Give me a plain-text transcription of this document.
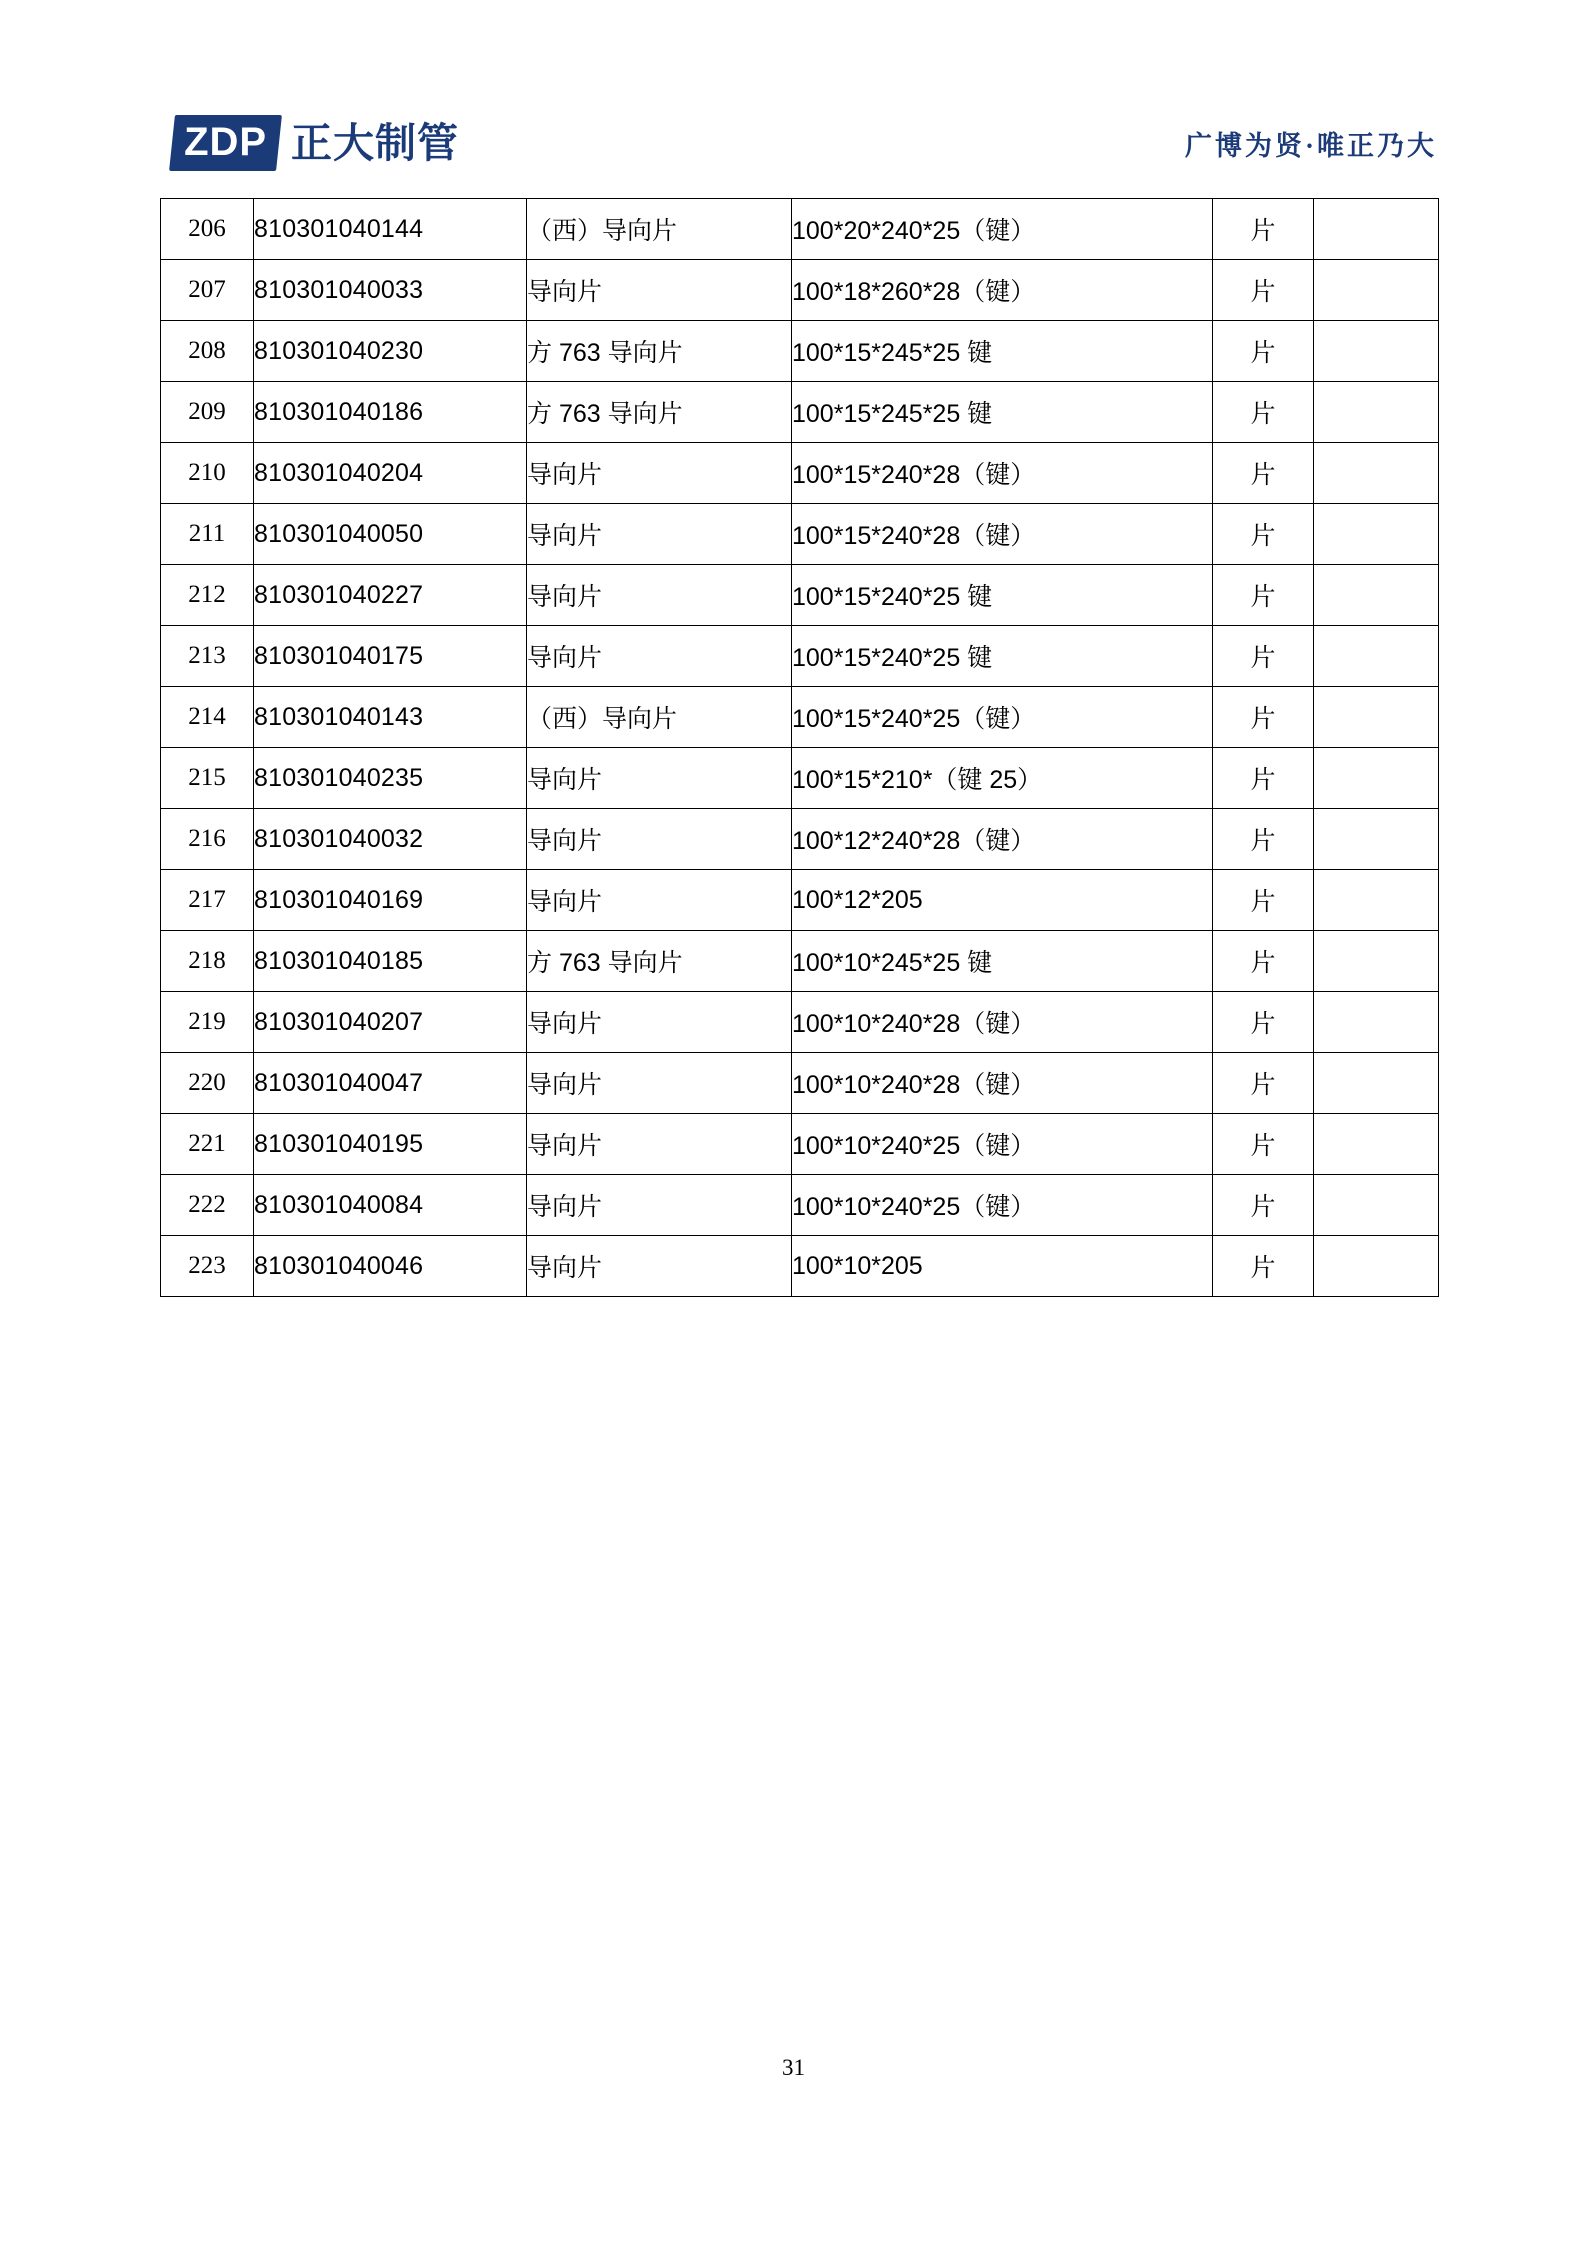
ZDP 正大制管	广博为贤·唯正乃大
206	810301040144	（西）导向片	100*20*240*25（键）	片	
207	810301040033	导向片	100*18*260*28（键）	片	
208	810301040230	方 763 导向片	100*15*245*25 键	片	
209	810301040186	方 763 导向片	100*15*245*25 键	片	
210	810301040204	导向片	100*15*240*28（键）	片	
211	810301040050	导向片	100*15*240*28（键）	片	
212	810301040227	导向片	100*15*240*25 键	片	
213	810301040175	导向片	100*15*240*25 键	片	
214	810301040143	（西）导向片	100*15*240*25（键）	片	
215	810301040235	导向片	100*15*210*（键 25）	片	
216	810301040032	导向片	100*12*240*28（键）	片	
217	810301040169	导向片	100*12*205	片	
218	810301040185	方 763 导向片	100*10*245*25 键	片	
219	810301040207	导向片	100*10*240*28（键）	片	
220	810301040047	导向片	100*10*240*28（键）	片	
221	810301040195	导向片	100*10*240*25（键）	片	
222	810301040084	导向片	100*10*240*25（键）	片	
223	810301040046	导向片	100*10*205	片	
31
